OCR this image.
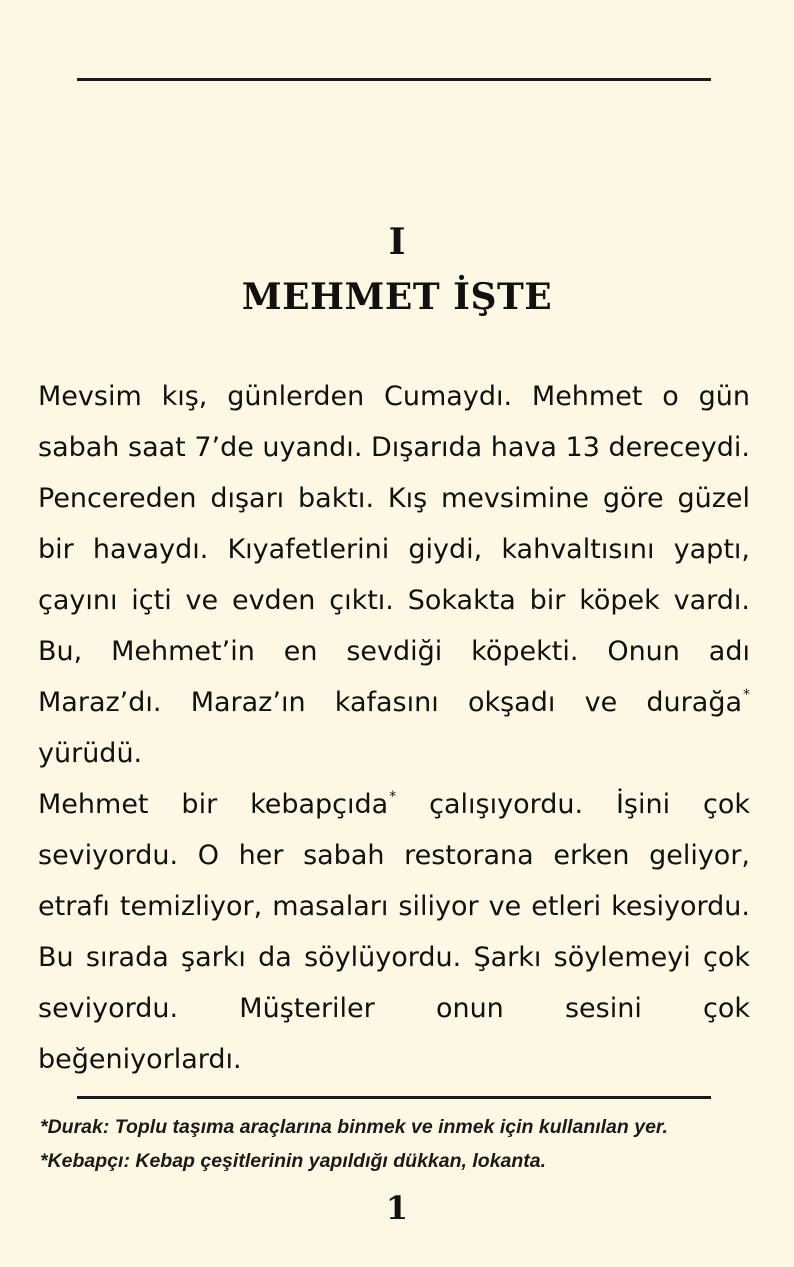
I
MEHMET İŞTE

Mevsim kış, günlerden Cumaydı. Mehmet o gün sabah saat 7’de uyandı. Dışarıda hava 13 dereceydi. Pencereden dışarı baktı. Kış mevsimine göre güzel bir havaydı. Kıyafetlerini giydi, kahvaltısını yaptı, çayını içti ve evden çıktı. Sokakta bir köpek vardı. Bu, Mehmet’in en sevdiği köpekti. Onun adı Maraz’dı. Maraz’ın kafasını okşadı ve durağa* yürüdü.

Mehmet bir kebapçıda* çalışıyordu. İşini çok seviyordu. O her sabah restorana erken geliyor, etrafı temizliyor, masaları siliyor ve etleri kesiyordu. Bu sırada şarkı da söylüyordu. Şarkı söylemeyi çok seviyordu. Müşteriler onun sesini çok beğeniyorlardı.

*Durak: Toplu taşıma araçlarına binmek ve inmek için kullanılan yer.
*Kebapçı: Kebap çeşitlerinin yapıldığı dükkan, lokanta.
1
